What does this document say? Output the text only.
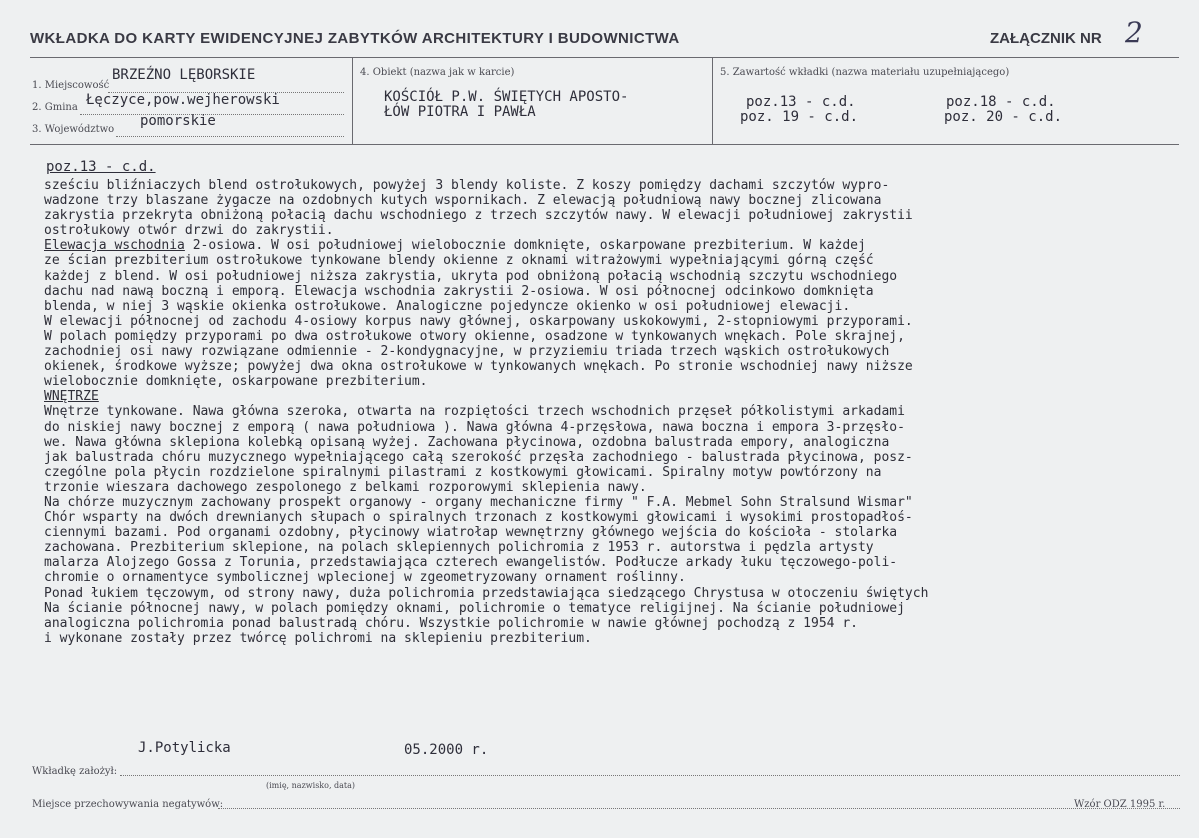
WKŁADKA DO KARTY EWIDENCYJNEJ ZABYTKÓW ARCHITEKTURY I BUDOWNICTWA	ZAŁĄCZNIK NR 2
1. Miejscowość
BRZEŹNO LĘBORSKIE
2. Gmina Łęczyce,pow.wejherowski
3. Województwo
pomorskie
4. Obiekt (nazwa jak w karcie)
KOŚCIÓŁ P.W. ŚWIĘTYCH APOSTO-
ŁÓW PIOTRA I PAWŁA
5. Zawartość wkładki (nazwa materiału uzupełniającego)
poz.13 - c.d.	poz.18 - c.d.
poz. 19 - c.d.	poz. 20 - c.d.
poz.13 - c.d.
sześciu bliźniaczych blend ostrołukowych, powyżej 3 blendy koliste. Z koszy pomiędzy dachami szczytów wypro-
wadzone trzy blaszane żygacze na ozdobnych kutych wspornikach. Z elewacją południową nawy bocznej zlicowana
zakrystia przekryta obniżoną połacią dachu wschodniego z trzech szczytów nawy. W elewacji południowej zakrystii
ostrołukowy otwór drzwi do zakrystii.
Elewacja wschodnia 2-osiowa. W osi południowej wielobocznie domknięte, oskarpowane prezbiterium. W każdej
ze ścian prezbiterium ostrołukowe tynkowane blendy okienne z oknami witrażowymi wypełniającymi górną część
każdej z blend. W osi południowej niższa zakrystia, ukryta pod obniżoną połacią wschodnią szczytu wschodniego
dachu nad nawą boczną i emporą. Elewacja wschodnia zakrystii 2-osiowa. W osi północnej odcinkowo domknięta
blenda, w niej 3 wąskie okienka ostrołukowe. Analogiczne pojedyncze okienko w osi południowej elewacji.
W elewacji północnej od zachodu 4-osiowy korpus nawy głównej, oskarpowany uskokowymi, 2-stopniowymi przyporami.
W polach pomiędzy przyporami po dwa ostrołukowe otwory okienne, osadzone w tynkowanych wnękach. Pole skrajnej,
zachodniej osi nawy rozwiązane odmiennie - 2-kondygnacyjne, w przyziemiu triada trzech wąskich ostrołukowych
okienek, środkowe wyższe; powyżej dwa okna ostrołukowe w tynkowanych wnękach. Po stronie wschodniej nawy niższe
wielobocznie domknięte, oskarpowane prezbiterium.
WNĘTRZE
Wnętrze tynkowane. Nawa główna szeroka, otwarta na rozpiętości trzech wschodnich przęseł półkolistymi arkadami
do niskiej nawy bocznej z emporą ( nawa południowa ). Nawa główna 4-przęsłowa, nawa boczna i empora 3-przęsło-
we. Nawa główna sklepiona kolebką opisaną wyżej. Zachowana płycinowa, ozdobna balustrada empory, analogiczna
jak balustrada chóru muzycznego wypełniającego całą szerokość przęsła zachodniego - balustrada płycinowa, posz-
czególne pola płycin rozdzielone spiralnymi pilastrami z kostkowymi głowicami. Spiralny motyw powtórzony na
trzonie wieszara dachowego zespolonego z belkami rozporowymi sklepienia nawy.
Na chórze muzycznym zachowany prospekt organowy - organy mechaniczne firmy " F.A. Mebmel Sohn Stralsund Wismar"
Chór wsparty na dwóch drewnianych słupach o spiralnych trzonach z kostkowymi głowicami i wysokimi prostopadłoś-
ciennymi bazami. Pod organami ozdobny, płycinowy wiatrołap wewnętrzny głównego wejścia do kościoła - stolarka
zachowana. Prezbiterium sklepione, na polach sklepiennych polichromia z 1953 r. autorstwa i pędzla artysty
malarza Alojzego Gossa z Torunia, przedstawiająca czterech ewangelistów. Podłucze arkady łuku tęczowego-poli-
chromie o ornamentyce symbolicznej wplecionej w zgeometryzowany ornament roślinny.
Ponad łukiem tęczowym, od strony nawy, duża polichromia przedstawiająca siedzącego Chrystusa w otoczeniu świętych
Na ścianie północnej nawy, w polach pomiędzy oknami, polichromie o tematyce religijnej. Na ścianie południowej
analogiczna polichromia ponad balustradą chóru. Wszystkie polichromie w nawie głównej pochodzą z 1954 r.
i wykonane zostały przez twórcę polichromi na sklepieniu prezbiterium.
J.Potylicka	05.2000 r.
Wkładkę założył:
(imię, nazwisko, data)
Miejsce przechowywania negatywów:	Wzór ODZ 1995 r.
